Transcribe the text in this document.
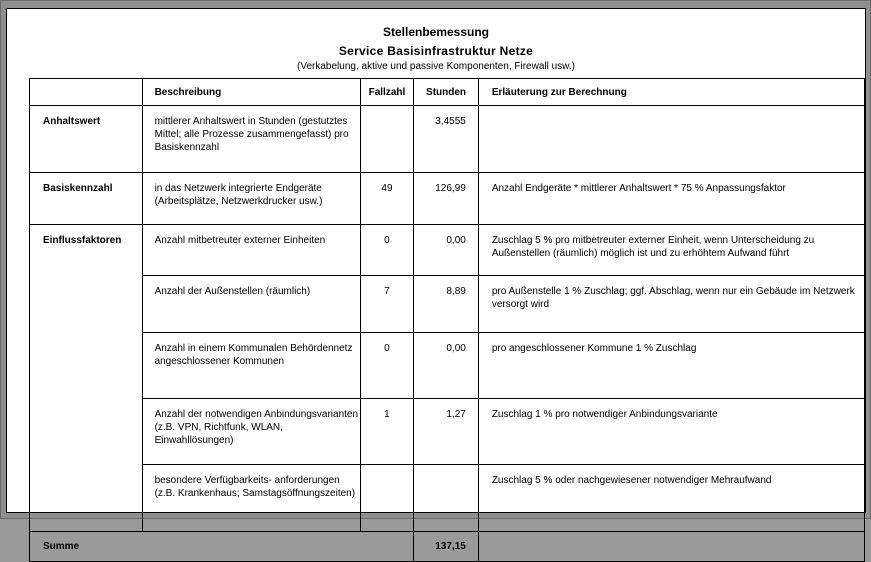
Stellenbemessung
Service Basisinfrastruktur Netze
(Verkabelung, aktive und passive Komponenten, Firewall usw.)
	Beschreibung	Fallzahl	Stunden	Erläuterung zur Berechnung
Anhaltswert	mittlerer Anhaltswert in Stunden (gestutztes Mittel; alle Prozesse zusammengefasst) pro Basiskennzahl		3,4555	
Basiskennzahl	in das Netzwerk integrierte Endgeräte (Arbeitsplätze, Netzwerkdrucker usw.)	49	126,99	Anzahl Endgeräte * mittlerer Anhaltswert * 75 % Anpassungsfaktor
Einflussfaktoren	Anzahl mitbetreuter externer Einheiten	0	0,00	Zuschlag 5 % pro mitbetreuter externer Einheit, wenn Unterscheidung zu Außenstellen (räumlich) möglich ist und zu erhöhtem Aufwand führt
	Anzahl der Außenstellen (räumlich)	7	8,89	pro Außenstelle 1 % Zuschlag; ggf. Abschlag, wenn nur ein Gebäude im Netzwerk versorgt wird
	Anzahl in einem Kommunalen Behördennetz angeschlossener Kommunen	0	0,00	pro angeschlossener Kommune 1 % Zuschlag
	Anzahl der notwendigen Anbindungsvarianten (z.B. VPN, Richtfunk, WLAN, Einwahllösungen)	1	1,27	Zuschlag 1 % pro notwendiger Anbindungsvariante
	besondere Verfügbarkeits- anforderungen (z.B. Krankenhaus; Samstagsöffnungszeiten)			Zuschlag 5 % oder nachgewiesener notwendiger Mehraufwand
Summe			137,15	
